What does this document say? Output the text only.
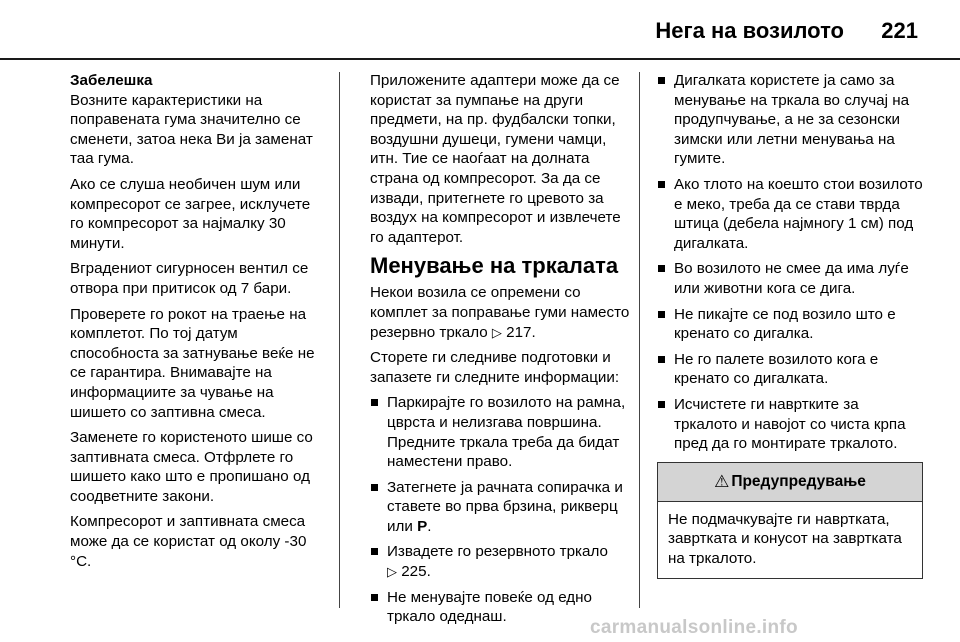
Нега на возилото 221

Забелешка

Возните карактеристики на поправената гума значително се сменети, затоа нека Ви ја заменат таа гума.

Ако се слуша необичен шум или компресорот се загрее, исклучете го компресорот за најмалку 30 минути.

Вградениот сигурносен вентил се отвора при притисок од 7 бари.

Проверете го рокот на траење на комплетот. По тој датум способноста за затнување веќе не се гарантира. Внимавајте на информациите за чување на шишето со заптивна смеса.

Заменете го користеното шише со заптивната смеса. Отфрлете го шишето како што е пропишано од соодветните закони.

Компресорот и заптивната смеса може да се користат од околу -30 °C.

Приложените адаптери може да се користат за пумпање на други предмети, на пр. фудбалски топки, воздушни душеци, гумени чамци, итн. Тие се наоѓаат на долната страна од компресорот. За да се извади, притегнете го цревото за воздух на компресорот и извлечете го адаптерот.

Менување на тркалата

Некои возила се опремени со комплет за поправање гуми наместо резервно тркало ▷ 217.

Сторете ги следниве подготовки и запазете ги следните информации:

Паркирајте го возилото на рамна, цврста и нелизгава површина. Предните тркала треба да бидат наместени право.
Затегнете ја рачната сопирачка и ставете во прва брзина, рикверц или P.
Извадете го резервното тркало
▷ 225.
Не менувајте повеќе од едно тркало одеднаш.
Дигалката користете ја само за менување на тркала во случај на продупчување, а не за сезонски зимски или летни менувања на гумите.
Ако тлото на коешто стои возилото е меко, треба да се стави тврда штица (дебела најмногу 1 см) под дигалката.
Во возилото не смее да има луѓе или животни кога се дига.
Не пикајте се под возило што е кренато со дигалка.
Не го палете возилото кога е кренато со дигалката.
Исчистете ги навртките за тркалото и навојот со чиста крпа пред да го монтирате тркалото.
⚠ Предупредување
Не подмачкувајте ги навртката, завртката и конусот на завртката на тркалото.
carmanualsonline.info
